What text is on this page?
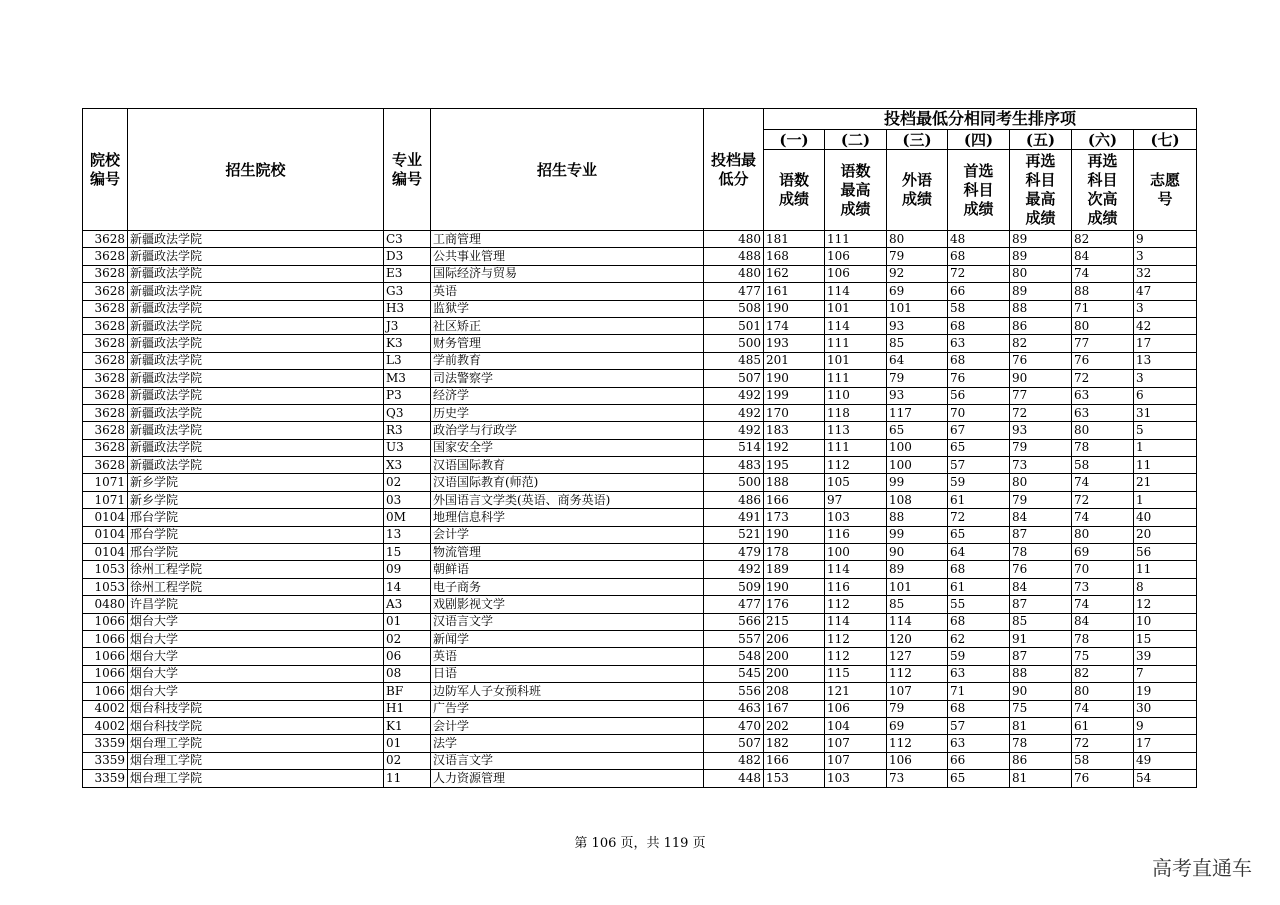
院校编号	招生院校	专业编号	招生专业	投档最低分	投档最低分相同考生排序项						
					(一)	(二)	(三)	(四)	(五)	(六)	(七)
					语数成绩	语数最高成绩	外语成绩	首选科目成绩	再选科目最高成绩	再选科目次高成绩	志愿号
3628	新疆政法学院	C3	工商管理	480	181	111	80	48	89	82	9
3628	新疆政法学院	D3	公共事业管理	488	168	106	79	68	89	84	3
3628	新疆政法学院	E3	国际经济与贸易	480	162	106	92	72	80	74	32
3628	新疆政法学院	G3	英语	477	161	114	69	66	89	88	47
3628	新疆政法学院	H3	监狱学	508	190	101	101	58	88	71	3
3628	新疆政法学院	J3	社区矫正	501	174	114	93	68	86	80	42
3628	新疆政法学院	K3	财务管理	500	193	111	85	63	82	77	17
3628	新疆政法学院	L3	学前教育	485	201	101	64	68	76	76	13
3628	新疆政法学院	M3	司法警察学	507	190	111	79	76	90	72	3
3628	新疆政法学院	P3	经济学	492	199	110	93	56	77	63	6
3628	新疆政法学院	Q3	历史学	492	170	118	117	70	72	63	31
3628	新疆政法学院	R3	政治学与行政学	492	183	113	65	67	93	80	5
3628	新疆政法学院	U3	国家安全学	514	192	111	100	65	79	78	1
3628	新疆政法学院	X3	汉语国际教育	483	195	112	100	57	73	58	11
1071	新乡学院	02	汉语国际教育(师范)	500	188	105	99	59	80	74	21
1071	新乡学院	03	外国语言文学类(英语、商务英语)	486	166	97	108	61	79	72	1
0104	邢台学院	0M	地理信息科学	491	173	103	88	72	84	74	40
0104	邢台学院	13	会计学	521	190	116	99	65	87	80	20
0104	邢台学院	15	物流管理	479	178	100	90	64	78	69	56
1053	徐州工程学院	09	朝鲜语	492	189	114	89	68	76	70	11
1053	徐州工程学院	14	电子商务	509	190	116	101	61	84	73	8
0480	许昌学院	A3	戏剧影视文学	477	176	112	85	55	87	74	12
1066	烟台大学	01	汉语言文学	566	215	114	114	68	85	84	10
1066	烟台大学	02	新闻学	557	206	112	120	62	91	78	15
1066	烟台大学	06	英语	548	200	112	127	59	87	75	39
1066	烟台大学	08	日语	545	200	115	112	63	88	82	7
1066	烟台大学	BF	边防军人子女预科班	556	208	121	107	71	90	80	19
4002	烟台科技学院	H1	广告学	463	167	106	79	68	75	74	30
4002	烟台科技学院	K1	会计学	470	202	104	69	57	81	61	9
3359	烟台理工学院	01	法学	507	182	107	112	63	78	72	17
3359	烟台理工学院	02	汉语言文学	482	166	107	106	66	86	58	49
3359	烟台理工学院	11	人力资源管理	448	153	103	73	65	81	76	54
第 106 页，共 119 页
高考直通车
